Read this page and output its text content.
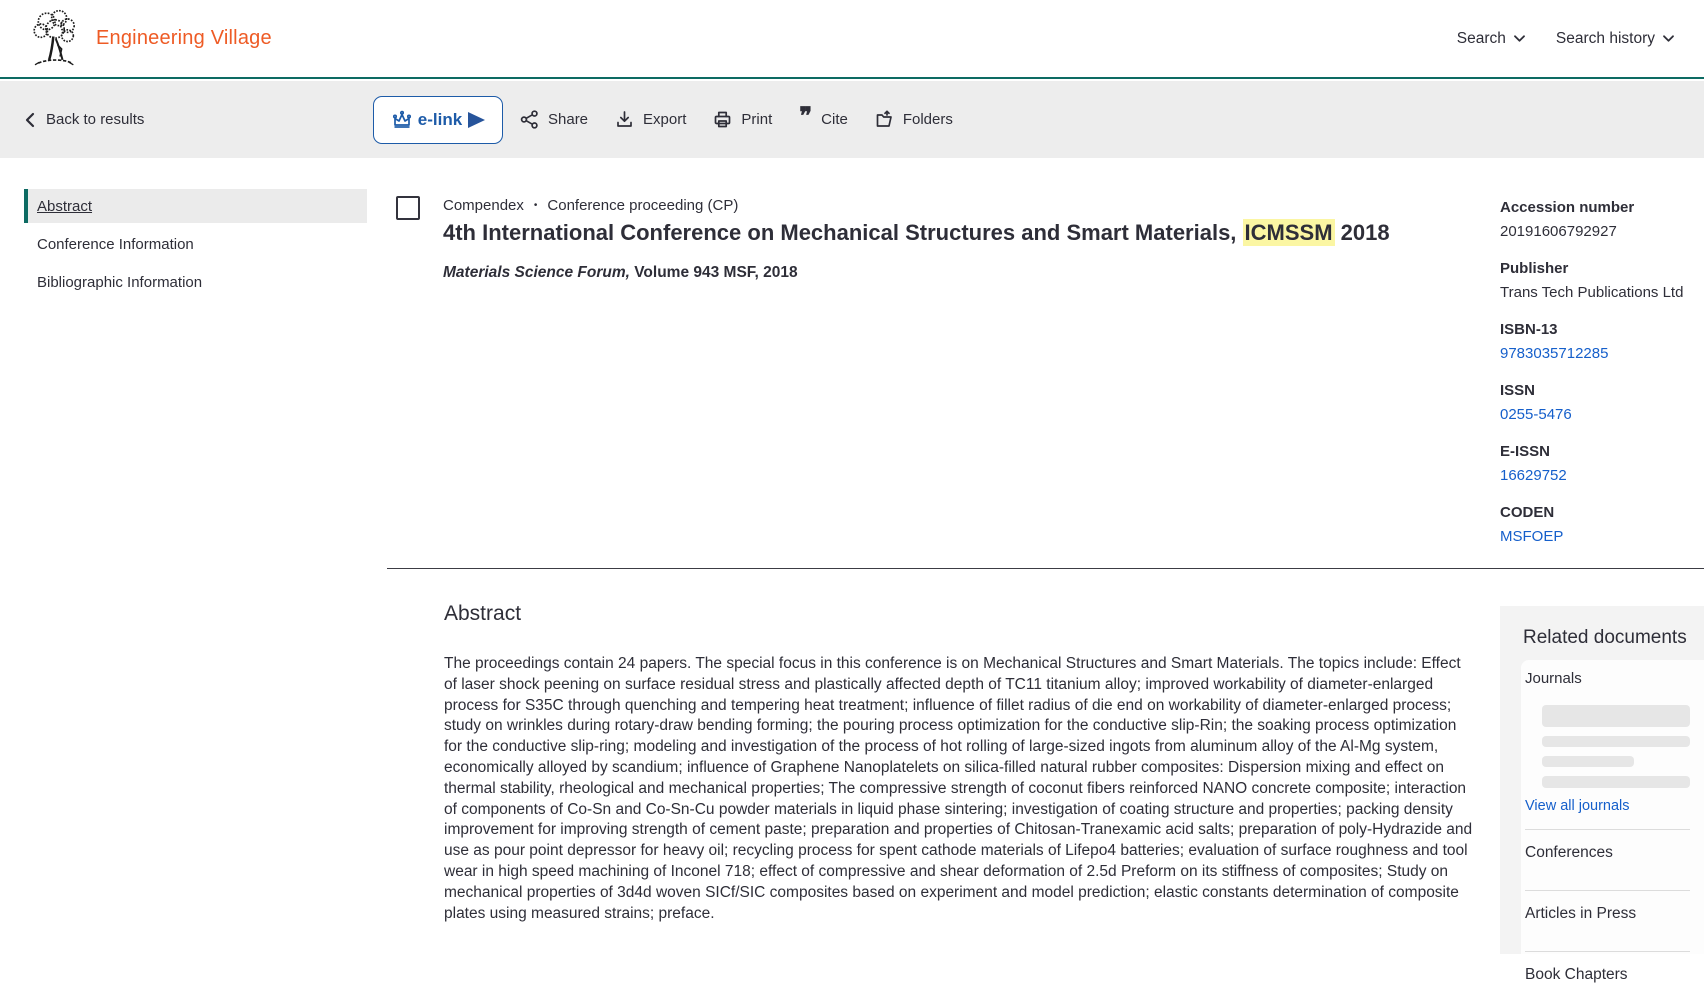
Engineering Village	Search	Search history
Back to results	e-link	Share	Export	Print ❞ Cite	Folders
Abstract
Conference Information
Bibliographic Information
Compendex • Conference proceeding (CP)
4th International Conference on Mechanical Structures and Smart Materials, ICMSSM 2018
Materials Science Forum, Volume 943 MSF, 2018
Accession number
20191606792927
Publisher
Trans Tech Publications Ltd
ISBN-13
9783035712285
ISSN
0255-5476
E-ISSN
16629752
CODEN
MSFOEP
Abstract

The proceedings contain 24 papers. The special focus in this conference is on Mechanical Structures and Smart Materials. The topics include: Effect of laser shock peening on surface residual stress and plastically affected depth of TC11 titanium alloy; improved workability of diameter-enlarged process for S35C through quenching and tempering heat treatment; influence of fillet radius of die end on workability of diameter-enlarged process; study on wrinkles during rotary-draw bending forming; the pouring process optimization for the conductive slip-Rin; the soaking process optimization for the conductive slip-ring; modeling and investigation of the process of hot rolling of large-sized ingots from aluminum alloy of the Al-Mg system, economically alloyed by scandium; influence of Graphene Nanoplatelets on silica-filled natural rubber composites: Dispersion mixing and effect on thermal stability, rheological and mechanical properties; The compressive strength of coconut fibers reinforced NANO concrete composite; interaction of components of Co-Sn and Co-Sn-Cu powder materials in liquid phase sintering; investigation of coating structure and properties; packing density improvement for improving strength of cement paste; preparation and properties of Chitosan-Tranexamic acid salts; preparation of poly-Hydrazide and use as pour point depressor for heavy oil; recycling process for spent cathode materials of Lifepo4 batteries; evaluation of surface roughness and tool wear in high speed machining of Inconel 718; effect of compressive and shear deformation of 2.5d Preform on its stiffness of composites; Study on mechanical properties of 3d4d woven SICf/SIC composites based on experiment and model prediction; elastic constants determination of composite plates using measured strains; preface.

Related documents
Journals
View all journals
Conferences
Articles in Press
Book Chapters
